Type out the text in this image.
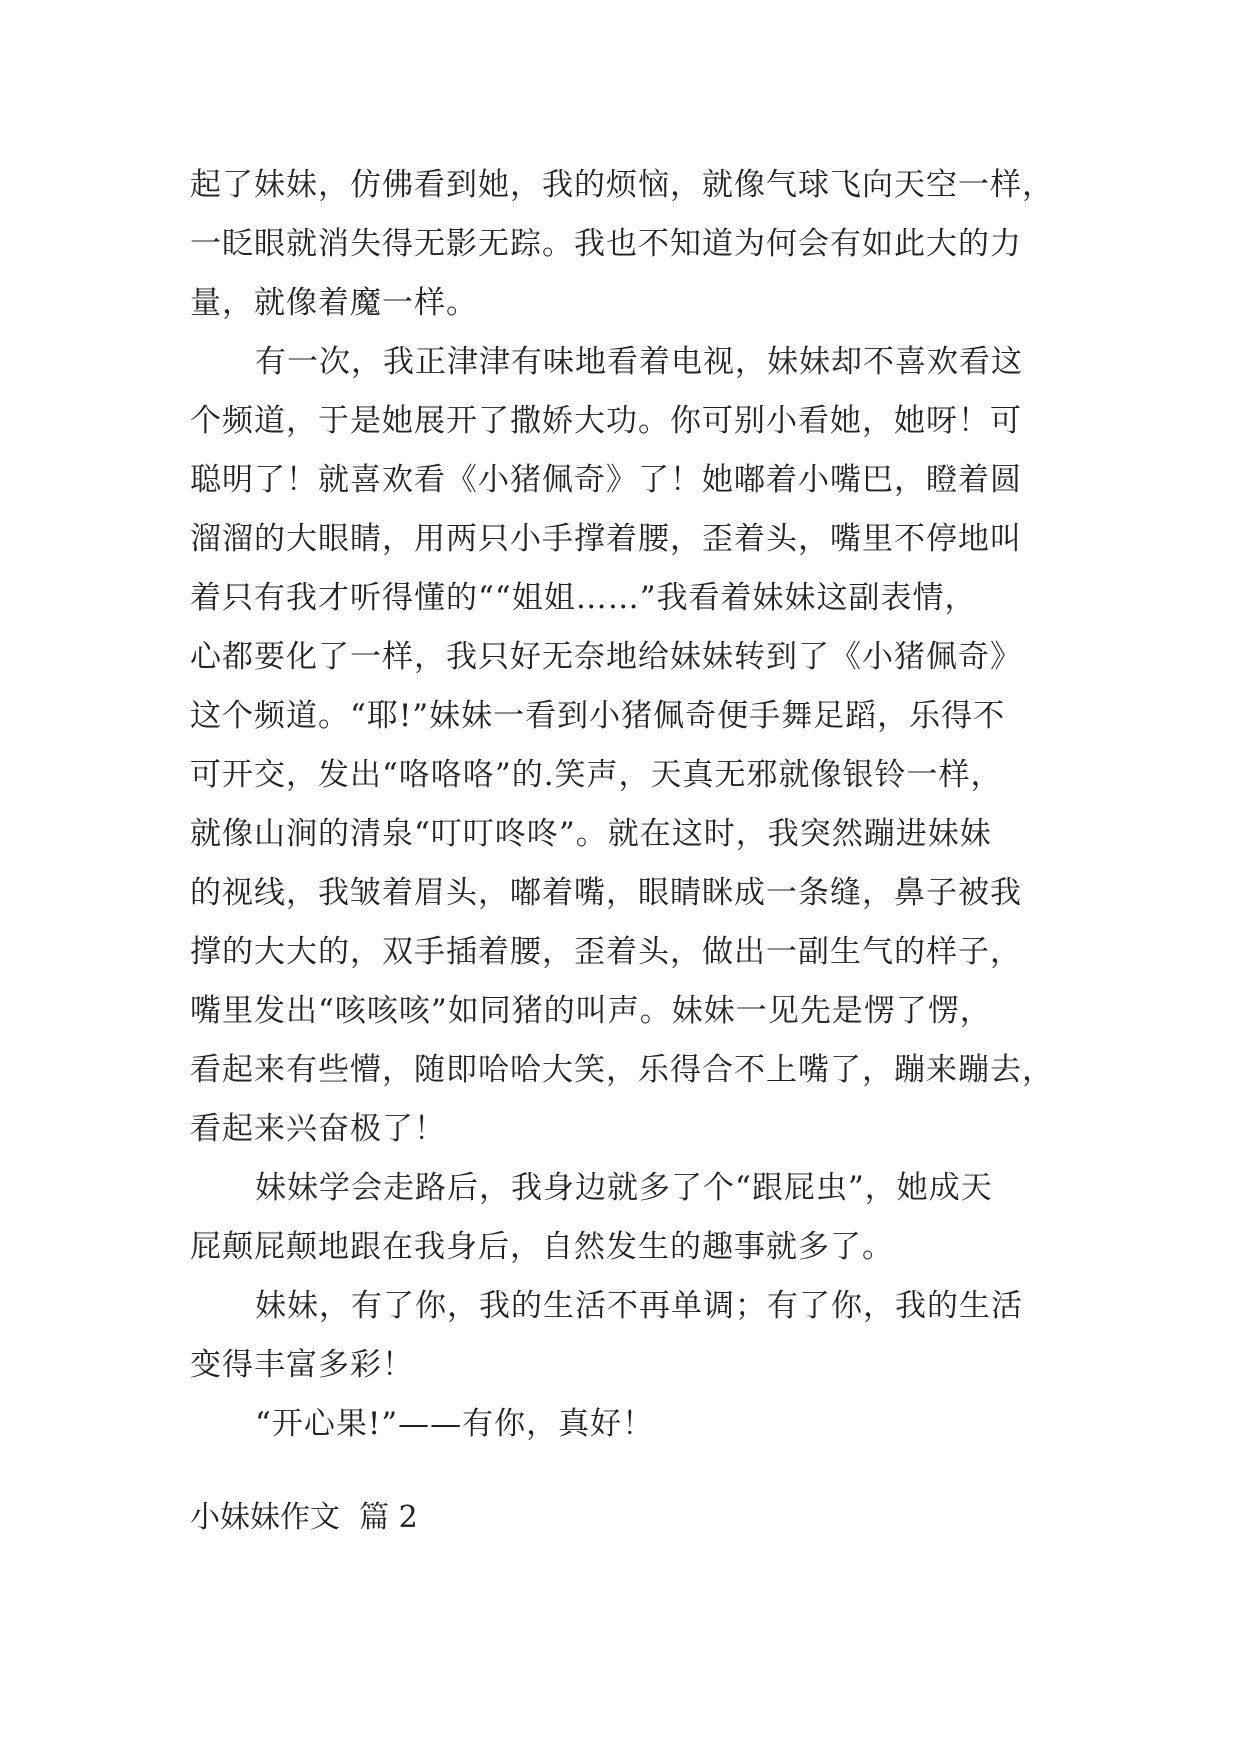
起了妹妹，仿佛看到她，我的烦恼，就像气球飞向天空一样，

一眨眼就消失得无影无踪。我也不知道为何会有如此大的力

量，就像着魔一样。

有一次，我正津津有味地看着电视，妹妹却不喜欢看这

个频道，于是她展开了撒娇大功。你可别小看她，她呀！可

聪明了！就喜欢看《小猪佩奇》了！她嘟着小嘴巴，瞪着圆

溜溜的大眼睛，用两只小手撑着腰，歪着头，嘴里不停地叫

着只有我才听得懂的““姐姐……”我看着妹妹这副表情，

心都要化了一样，我只好无奈地给妹妹转到了《小猪佩奇》

这个频道。“耶!”妹妹一看到小猪佩奇便手舞足蹈，乐得不

可开交，发出“咯咯咯”的.笑声，天真无邪就像银铃一样，

就像山涧的清泉“叮叮咚咚”。就在这时，我突然蹦进妹妹

的视线，我皱着眉头，嘟着嘴，眼睛眯成一条缝，鼻子被我

撑的大大的，双手插着腰，歪着头，做出一副生气的样子，

嘴里发出“咳咳咳”如同猪的叫声。妹妹一见先是愣了愣，

看起来有些懵，随即哈哈大笑，乐得合不上嘴了，蹦来蹦去，

看起来兴奋极了！

妹妹学会走路后，我身边就多了个“跟屁虫”，她成天

屁颠屁颠地跟在我身后，自然发生的趣事就多了。

妹妹，有了你，我的生活不再单调；有了你，我的生活

变得丰富多彩！

“开心果!”——有你，真好！

小妹妹作文  篇 2
